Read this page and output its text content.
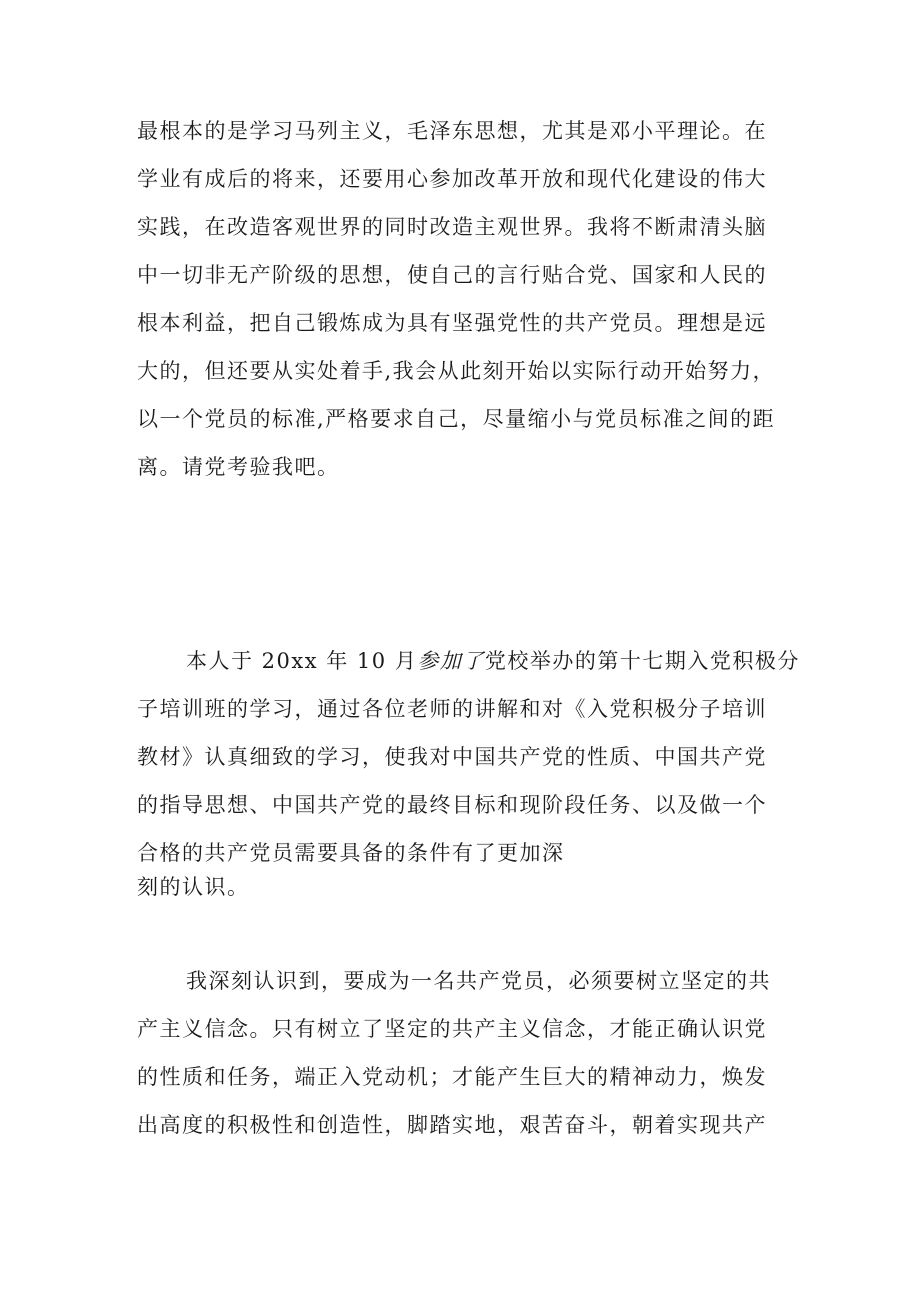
最根本的是学习马列主义，毛泽东思想，尤其是邓小平理论。在
学业有成后的将来，还要用心参加改革开放和现代化建设的伟大
实践，在改造客观世界的同时改造主观世界。我将不断肃清头脑
中一切非无产阶级的思想，使自己的言行贴合党、国家和人民的
根本利益，把自己锻炼成为具有坚强党性的共产党员。理想是远
大的，但还要从实处着手,我会从此刻开始以实际行动开始努力，
以一个党员的标准,严格要求自己，尽量缩小与党员标准之间的距
离。请党考验我吧。
本人于 20xx 年 10 月参加了党校举办的第十七期入党积极分
子培训班的学习，通过各位老师的讲解和对《入党积极分子培训
教材》认真细致的学习，使我对中国共产党的性质、中国共产党
的指导思想、中国共产党的最终目标和现阶段任务、以及做一个
合格的共产党员需要具备的条件有了更加深
刻的认识。
我深刻认识到，要成为一名共产党员，必须要树立坚定的共
产主义信念。只有树立了坚定的共产主义信念，才能正确认识党
的性质和任务，端正入党动机；才能产生巨大的精神动力，焕发
出高度的积极性和创造性，脚踏实地，艰苦奋斗，朝着实现共产
